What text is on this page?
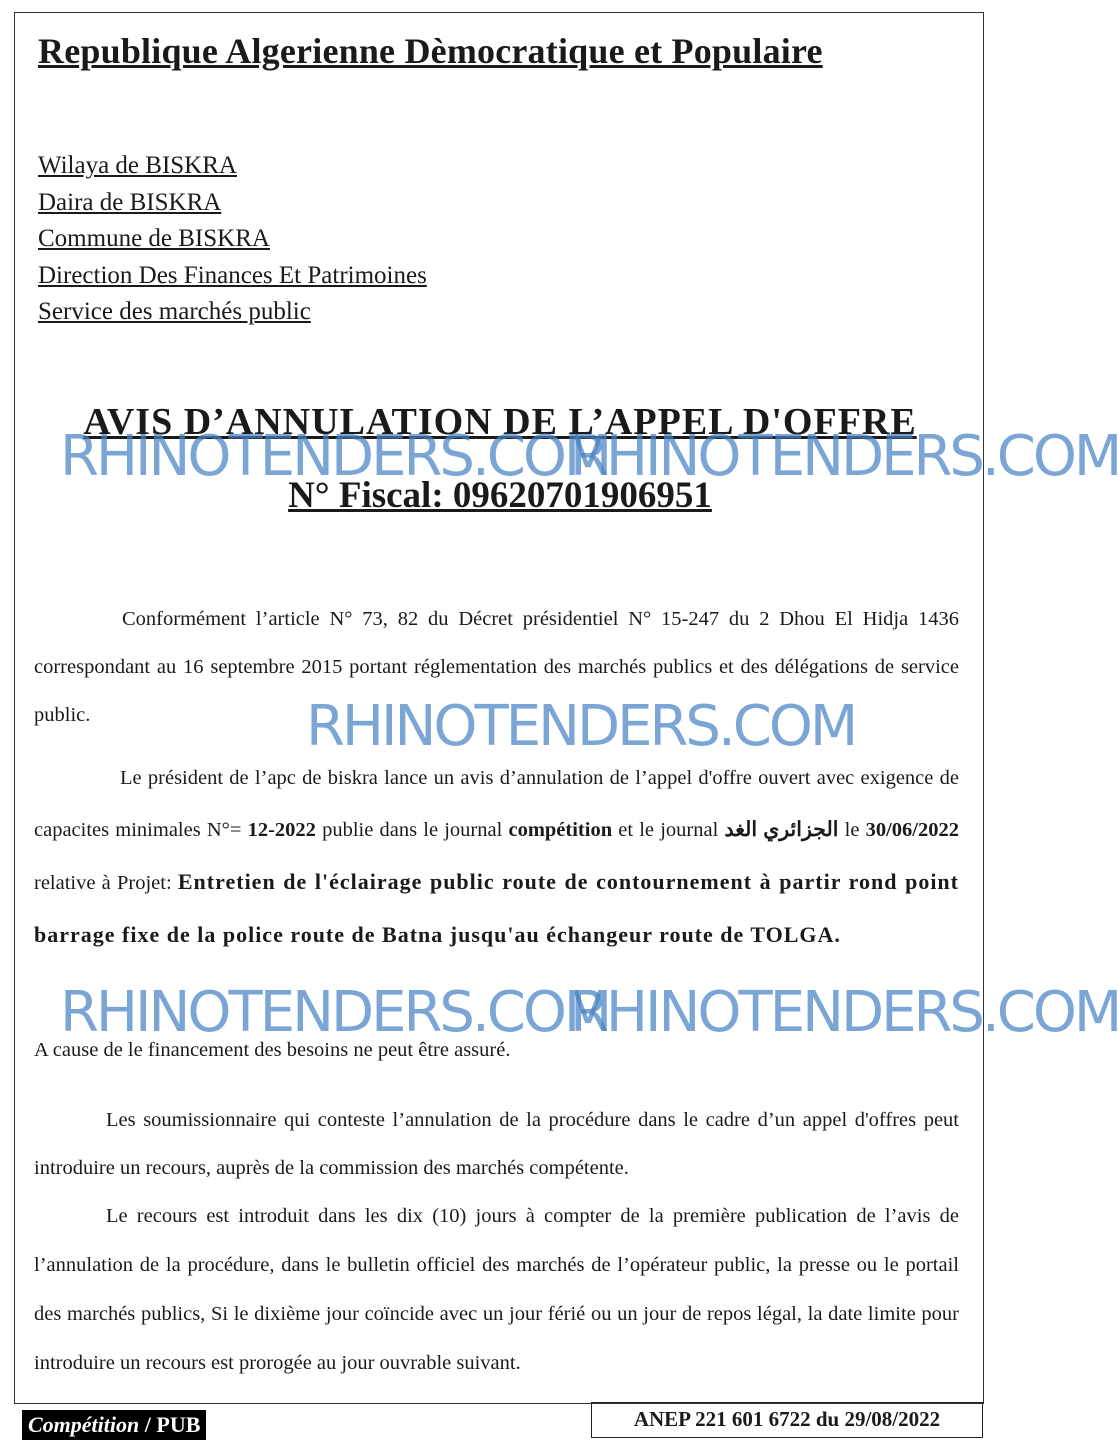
Republique Algerienne Dèmocratique et Populaire
Wilaya de BISKRA
Daira de BISKRA
Commune de BISKRA
Direction Des Finances Et Patrimoines
Service des marchés public
AVIS D’ANNULATION DE L’APPEL D'OFFRE
N° Fiscal: 09620701906951
Conformément l’article N° 73, 82 du Décret présidentiel N° 15-247 du 2 Dhou El Hidja 1436 correspondant au 16 septembre 2015 portant réglementation des marchés publics et des délégations de service public.
Le président de l’apc de biskra lance un avis d’annulation de l’appel d'offre ouvert avec exigence de capacites minimales N°= 12-2022 publie dans le journal compétition et le journal الجزائري الغد le 30/06/2022 relative à Projet: Entretien de l'éclairage public route de contournement à partir rond point barrage fixe de la police route de Batna jusqu'au échangeur route de TOLGA.
A cause de le financement des besoins ne peut être assuré.
Les soumissionnaire qui conteste l’annulation de la procédure dans le cadre d’un appel d'offres peut introduire un recours, auprès de la commission des marchés compétente.
Le recours est introduit dans les dix (10) jours à compter de la première publication de l’avis de l’annulation de la procédure, dans le bulletin officiel des marchés de l’opérateur public, la presse ou le portail des marchés publics, Si le dixième jour coïncide avec un jour férié ou un jour de repos légal, la date limite pour introduire un recours est prorogée au jour ouvrable suivant.
RHINOTENDERS.COM
RHINOTENDERS.COM
RHINOTENDERS.COM
RHINOTENDERS.COM
RHINOTENDERS.COM
Compétition / PUB	ANEP 221 601 6722 du 29/08/2022
